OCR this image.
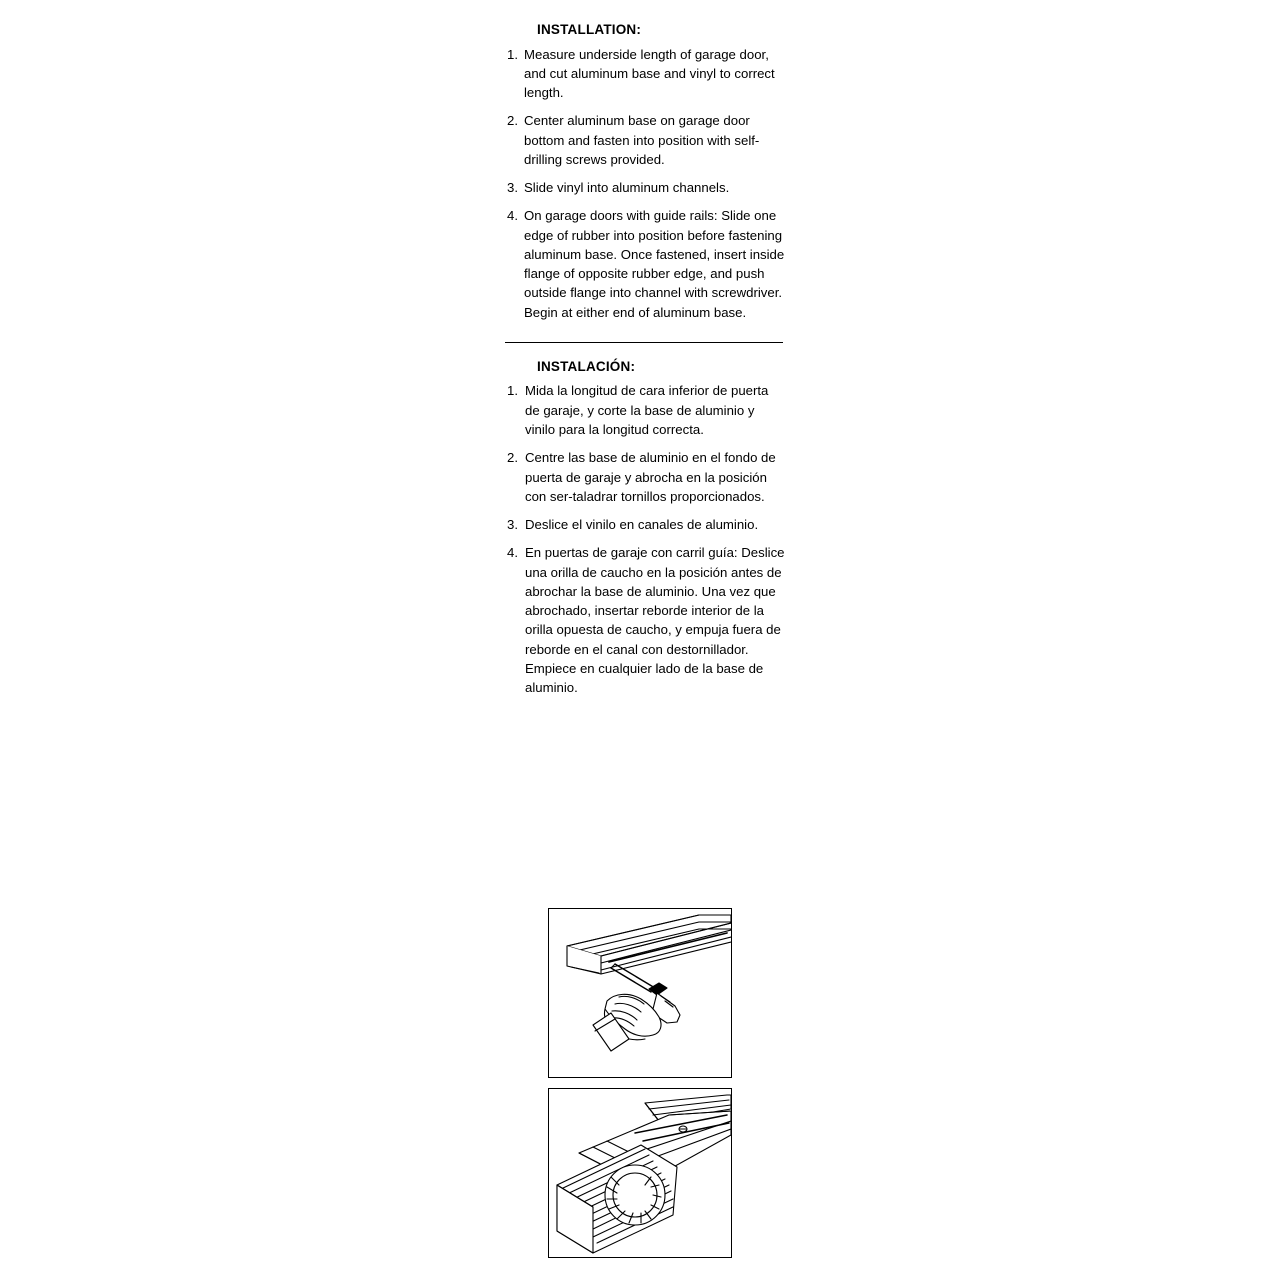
INSTALLATION:
1. Measure underside length of garage door, and cut aluminum base and vinyl to correct length.
2. Center aluminum base on garage door bottom and fasten into position with self-drilling screws provided.
3. Slide vinyl into aluminum channels.
4. On garage doors with guide rails: Slide one edge of rubber into position before fastening aluminum base. Once fastened, insert inside flange of opposite rubber edge, and push outside flange into channel with screwdriver. Begin at either end of aluminum base.
INSTALACIÓN:
1. Mida la longitud de cara inferior de puerta de garaje, y corte la base de aluminio y vinilo para la longitud correcta.
2. Centre las base de aluminio en el fondo de puerta de garaje y abrocha en la posición con ser-taladrar tornillos proporcionados.
3. Deslice el vinilo en canales de aluminio.
4. En puertas de garaje con carril guía: Deslice una orilla de caucho en la posición antes de abrochar la base de aluminio. Una vez que abrochado, insertar reborde interior de la orilla opuesta de caucho, y empuja fuera de reborde en el canal con destornillador. Empiece en cualquier lado de la base de aluminio.
